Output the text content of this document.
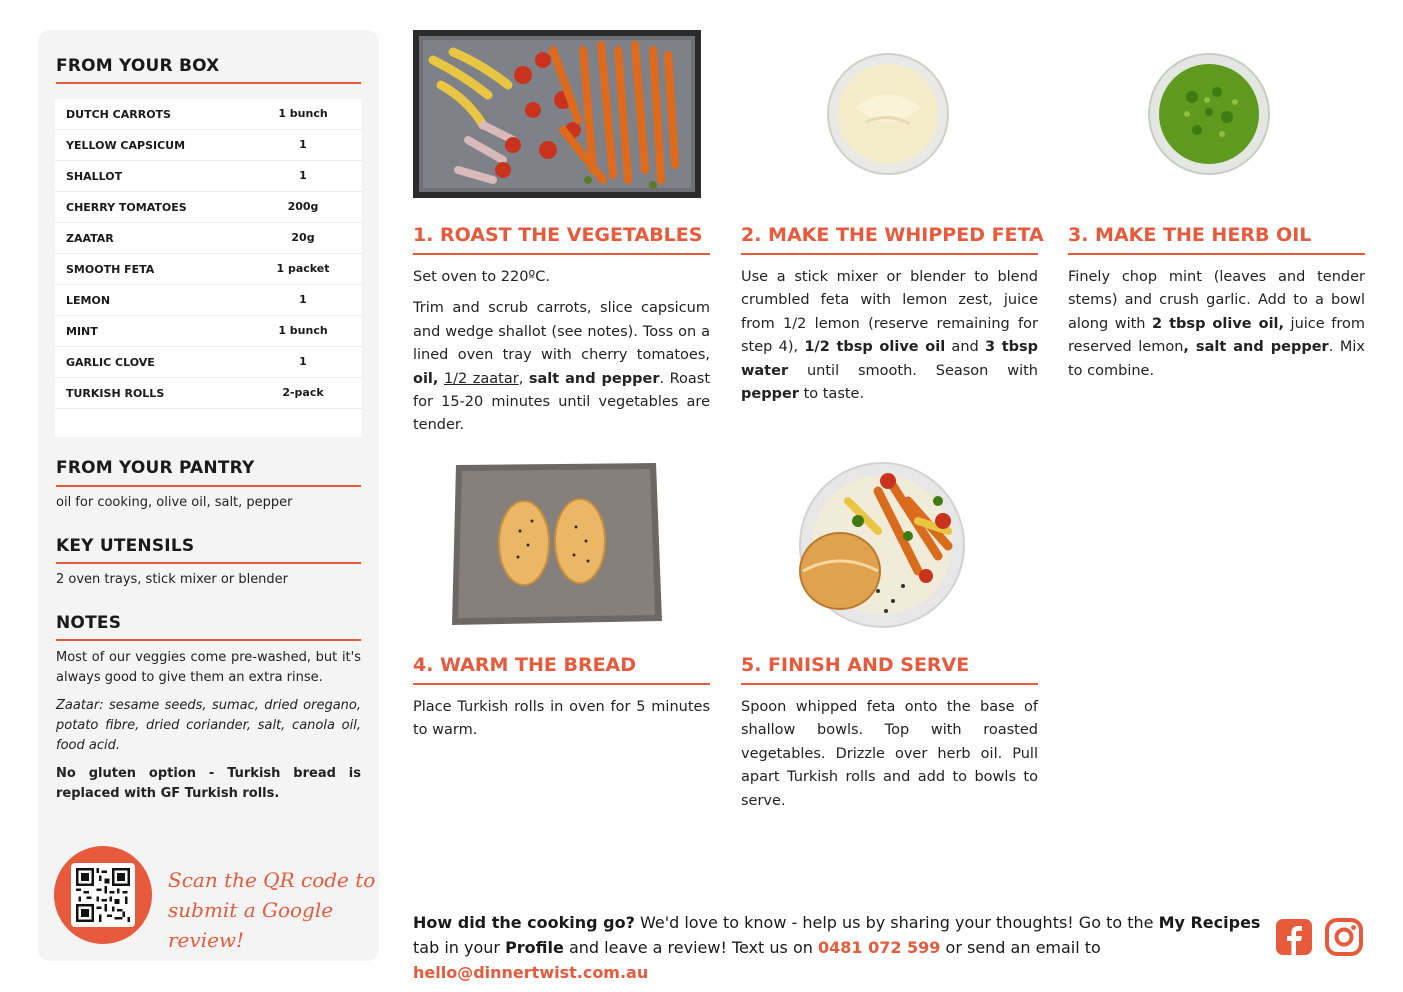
FROM YOUR BOX
DUTCH CARROTS	1 bunch
YELLOW CAPSICUM	1
SHALLOT	1
CHERRY TOMATOES	200g
ZAATAR	20g
SMOOTH FETA	1 packet
LEMON	1
MINT	1 bunch
GARLIC CLOVE	1
TURKISH ROLLS	2-pack
FROM YOUR PANTRY
oil for cooking, olive oil, salt, pepper
KEY UTENSILS
2 oven trays, stick mixer or blender
NOTES
Most of our veggies come pre-washed, but it's always good to give them an extra rinse.
Zaatar: sesame seeds, sumac, dried oregano, potato fibre, dried coriander, salt, canola oil, food acid.
No gluten option - Turkish bread is replaced with GF Turkish rolls.
Scan the QR code to
submit a Google review!
1. ROAST THE VEGETABLES
Set oven to 220ºC.
Trim and scrub carrots, slice capsicum and wedge shallot (see notes). Toss on a lined oven tray with cherry tomatoes, oil, 1/2 zaatar, salt and pepper. Roast for 15-20 minutes until vegetables are tender.
2. MAKE THE WHIPPED FETA
Use a stick mixer or blender to blend crumbled feta with lemon zest, juice from 1/2 lemon (reserve remaining for step 4), 1/2 tbsp olive oil and 3 tbsp water until smooth. Season with pepper to taste.
3. MAKE THE HERB OIL
Finely chop mint (leaves and tender stems) and crush garlic. Add to a bowl along with 2 tbsp olive oil, juice from reserved lemon, salt and pepper. Mix to combine.
4. WARM THE BREAD
Place Turkish rolls in oven for 5 minutes to warm.
5. FINISH AND SERVE
Spoon whipped feta onto the base of shallow bowls. Top with roasted vegetables. Drizzle over herb oil. Pull apart Turkish rolls and add to bowls to serve.
How did the cooking go? We'd love to know - help us by sharing your thoughts! Go to the My Recipes tab in your Profile and leave a review! Text us on 0481 072 599 or send an email to hello@dinnertwist.com.au
